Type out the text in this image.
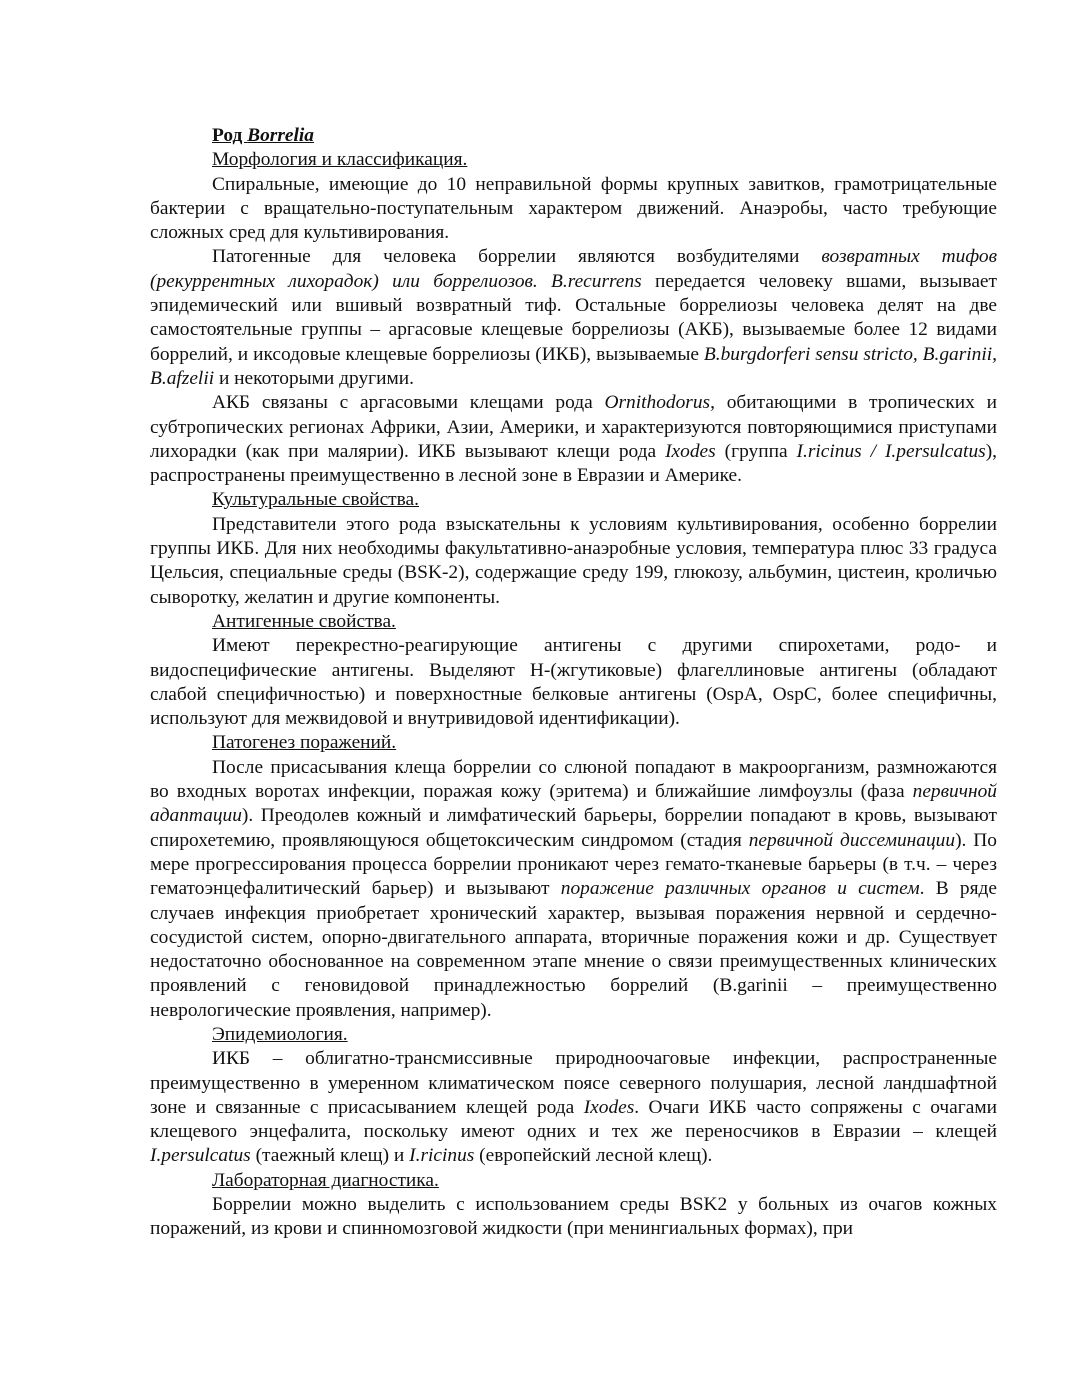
Род Borrelia

Морфология и классификация.

Спиральные, имеющие до 10 неправильной формы крупных завитков, грамотрицательные бактерии с вращательно-поступательным характером движений. Анаэробы, часто требующие сложных сред для культивирования.

Патогенные для человека боррелии являются возбудителями возвратных тифов (рекуррентных лихорадок) или боррелиозов. B.recurrens передается человеку вшами, вызывает эпидемический или вшивый возвратный тиф. Остальные боррелиозы человека делят на две самостоятельные группы – аргасовые клещевые боррелиозы (АКБ), вызываемые более 12 видами боррелий, и иксодовые клещевые боррелиозы (ИКБ), вызываемые B.burgdorferi sensu stricto, B.garinii, B.afzelii и некоторыми другими.

АКБ связаны с аргасовыми клещами рода Ornithodorus, обитающими в тропических и субтропических регионах Африки, Азии, Америки, и характеризуются повторяющимися приступами лихорадки (как при малярии). ИКБ вызывают клещи рода Ixodes (группа I.ricinus / I.persulcatus), распространены преимущественно в лесной зоне в Евразии и Америке.

Культуральные свойства.

Представители этого рода взыскательны к условиям культивирования, особенно боррелии группы ИКБ. Для них необходимы факультативно-анаэробные условия, температура плюс 33 градуса Цельсия, специальные среды (BSK-2), содержащие среду 199, глюкозу, альбумин, цистеин, кроличью сыворотку, желатин и другие компоненты.

Антигенные свойства.

Имеют перекрестно-реагирующие антигены с другими спирохетами, родо- и видоспецифические антигены. Выделяют H-(жгутиковые) флагеллиновые антигены (обладают слабой специфичностью) и поверхностные белковые антигены (OspA, OspC, более специфичны, используют для межвидовой и внутривидовой идентификации).

Патогенез поражений.

После присасывания клеща боррелии со слюной попадают в макроорганизм, размножаются во входных воротах инфекции, поражая кожу (эритема) и ближайшие лимфоузлы (фаза первичной адаптации). Преодолев кожный и лимфатический барьеры, боррелии попадают в кровь, вызывают спирохетемию, проявляющуюся общетоксическим синдромом (стадия первичной диссеминации). По мере прогрессирования процесса боррелии проникают через гемато-тканевые барьеры (в т.ч. – через гематоэнцефалитический барьер) и вызывают поражение различных органов и систем. В ряде случаев инфекция приобретает хронический характер, вызывая поражения нервной и сердечно-сосудистой систем, опорно-двигательного аппарата, вторичные поражения кожи и др. Существует недостаточно обоснованное на современном этапе мнение о связи преимущественных клинических проявлений с геновидовой принадлежностью боррелий (B.garinii – преимущественно неврологические проявления, например).

Эпидемиология.

ИКБ – облигатно-трансмиссивные природноочаговые инфекции, распространенные преимущественно в умеренном климатическом поясе северного полушария, лесной ландшафтной зоне и связанные с присасыванием клещей рода Ixodes. Очаги ИКБ часто сопряжены с очагами клещевого энцефалита, поскольку имеют одних и тех же переносчиков в Евразии – клещей I.persulcatus (таежный клещ) и I.ricinus (европейский лесной клещ).

Лабораторная диагностика.

Боррелии можно выделить с использованием среды BSK2 у больных из очагов кожных поражений, из крови и спинномозговой жидкости (при менингиальных формах), при
